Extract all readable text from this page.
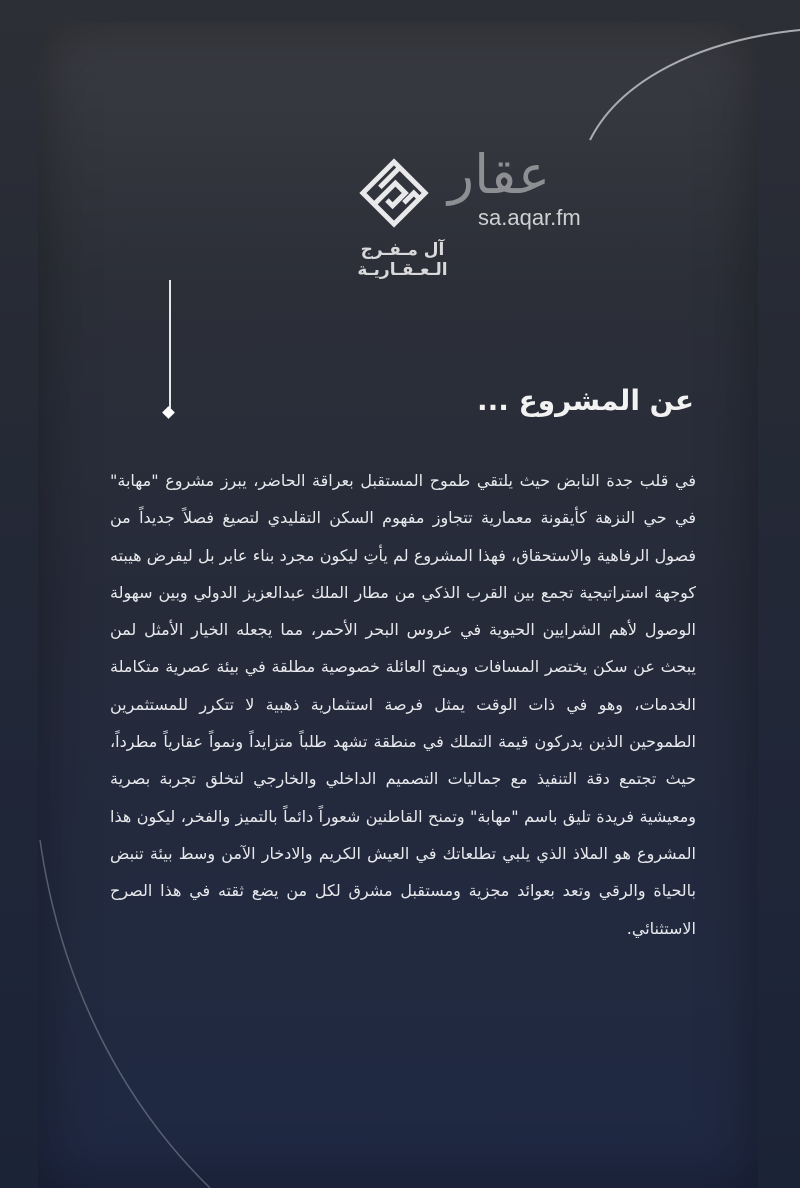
عقار
sa.aqar.fm
آل مـفـرج الـعـقـاريـة
عن المشروع ...

في قلب جدة النابض حيث يلتقي طموح المستقبل بعراقة الحاضر، يبرز مشروع "مهابة" في حي النزهة كأيقونة معمارية تتجاوز مفهوم السكن التقليدي لتصيغ فصلاً جديداً من فصول الرفاهية والاستحقاق، فهذا المشروع لم يأتِ ليكون مجرد بناء عابر بل ليفرض هيبته كوجهة استراتيجية تجمع بين القرب الذكي من مطار الملك عبدالعزيز الدولي وبين سهولة الوصول لأهم الشرايين الحيوية في عروس البحر الأحمر، مما يجعله الخيار الأمثل لمن يبحث عن سكن يختصر المسافات ويمنح العائلة خصوصية مطلقة في بيئة عصرية متكاملة الخدمات، وهو في ذات الوقت يمثل فرصة استثمارية ذهبية لا تتكرر للمستثمرين الطموحين الذين يدركون قيمة التملك في منطقة تشهد طلباً متزايداً ونمواً عقارياً مطرداً، حيث تجتمع دقة التنفيذ مع جماليات التصميم الداخلي والخارجي لتخلق تجربة بصرية ومعيشية فريدة تليق باسم "مهابة" وتمنح القاطنين شعوراً دائماً بالتميز والفخر، ليكون هذا المشروع هو الملاذ الذي يلبي تطلعاتك في العيش الكريم والادخار الآمن وسط بيئة تنبض بالحياة والرقي وتعد بعوائد مجزية ومستقبل مشرق لكل من يضع ثقته في هذا الصرح الاستثنائي.
